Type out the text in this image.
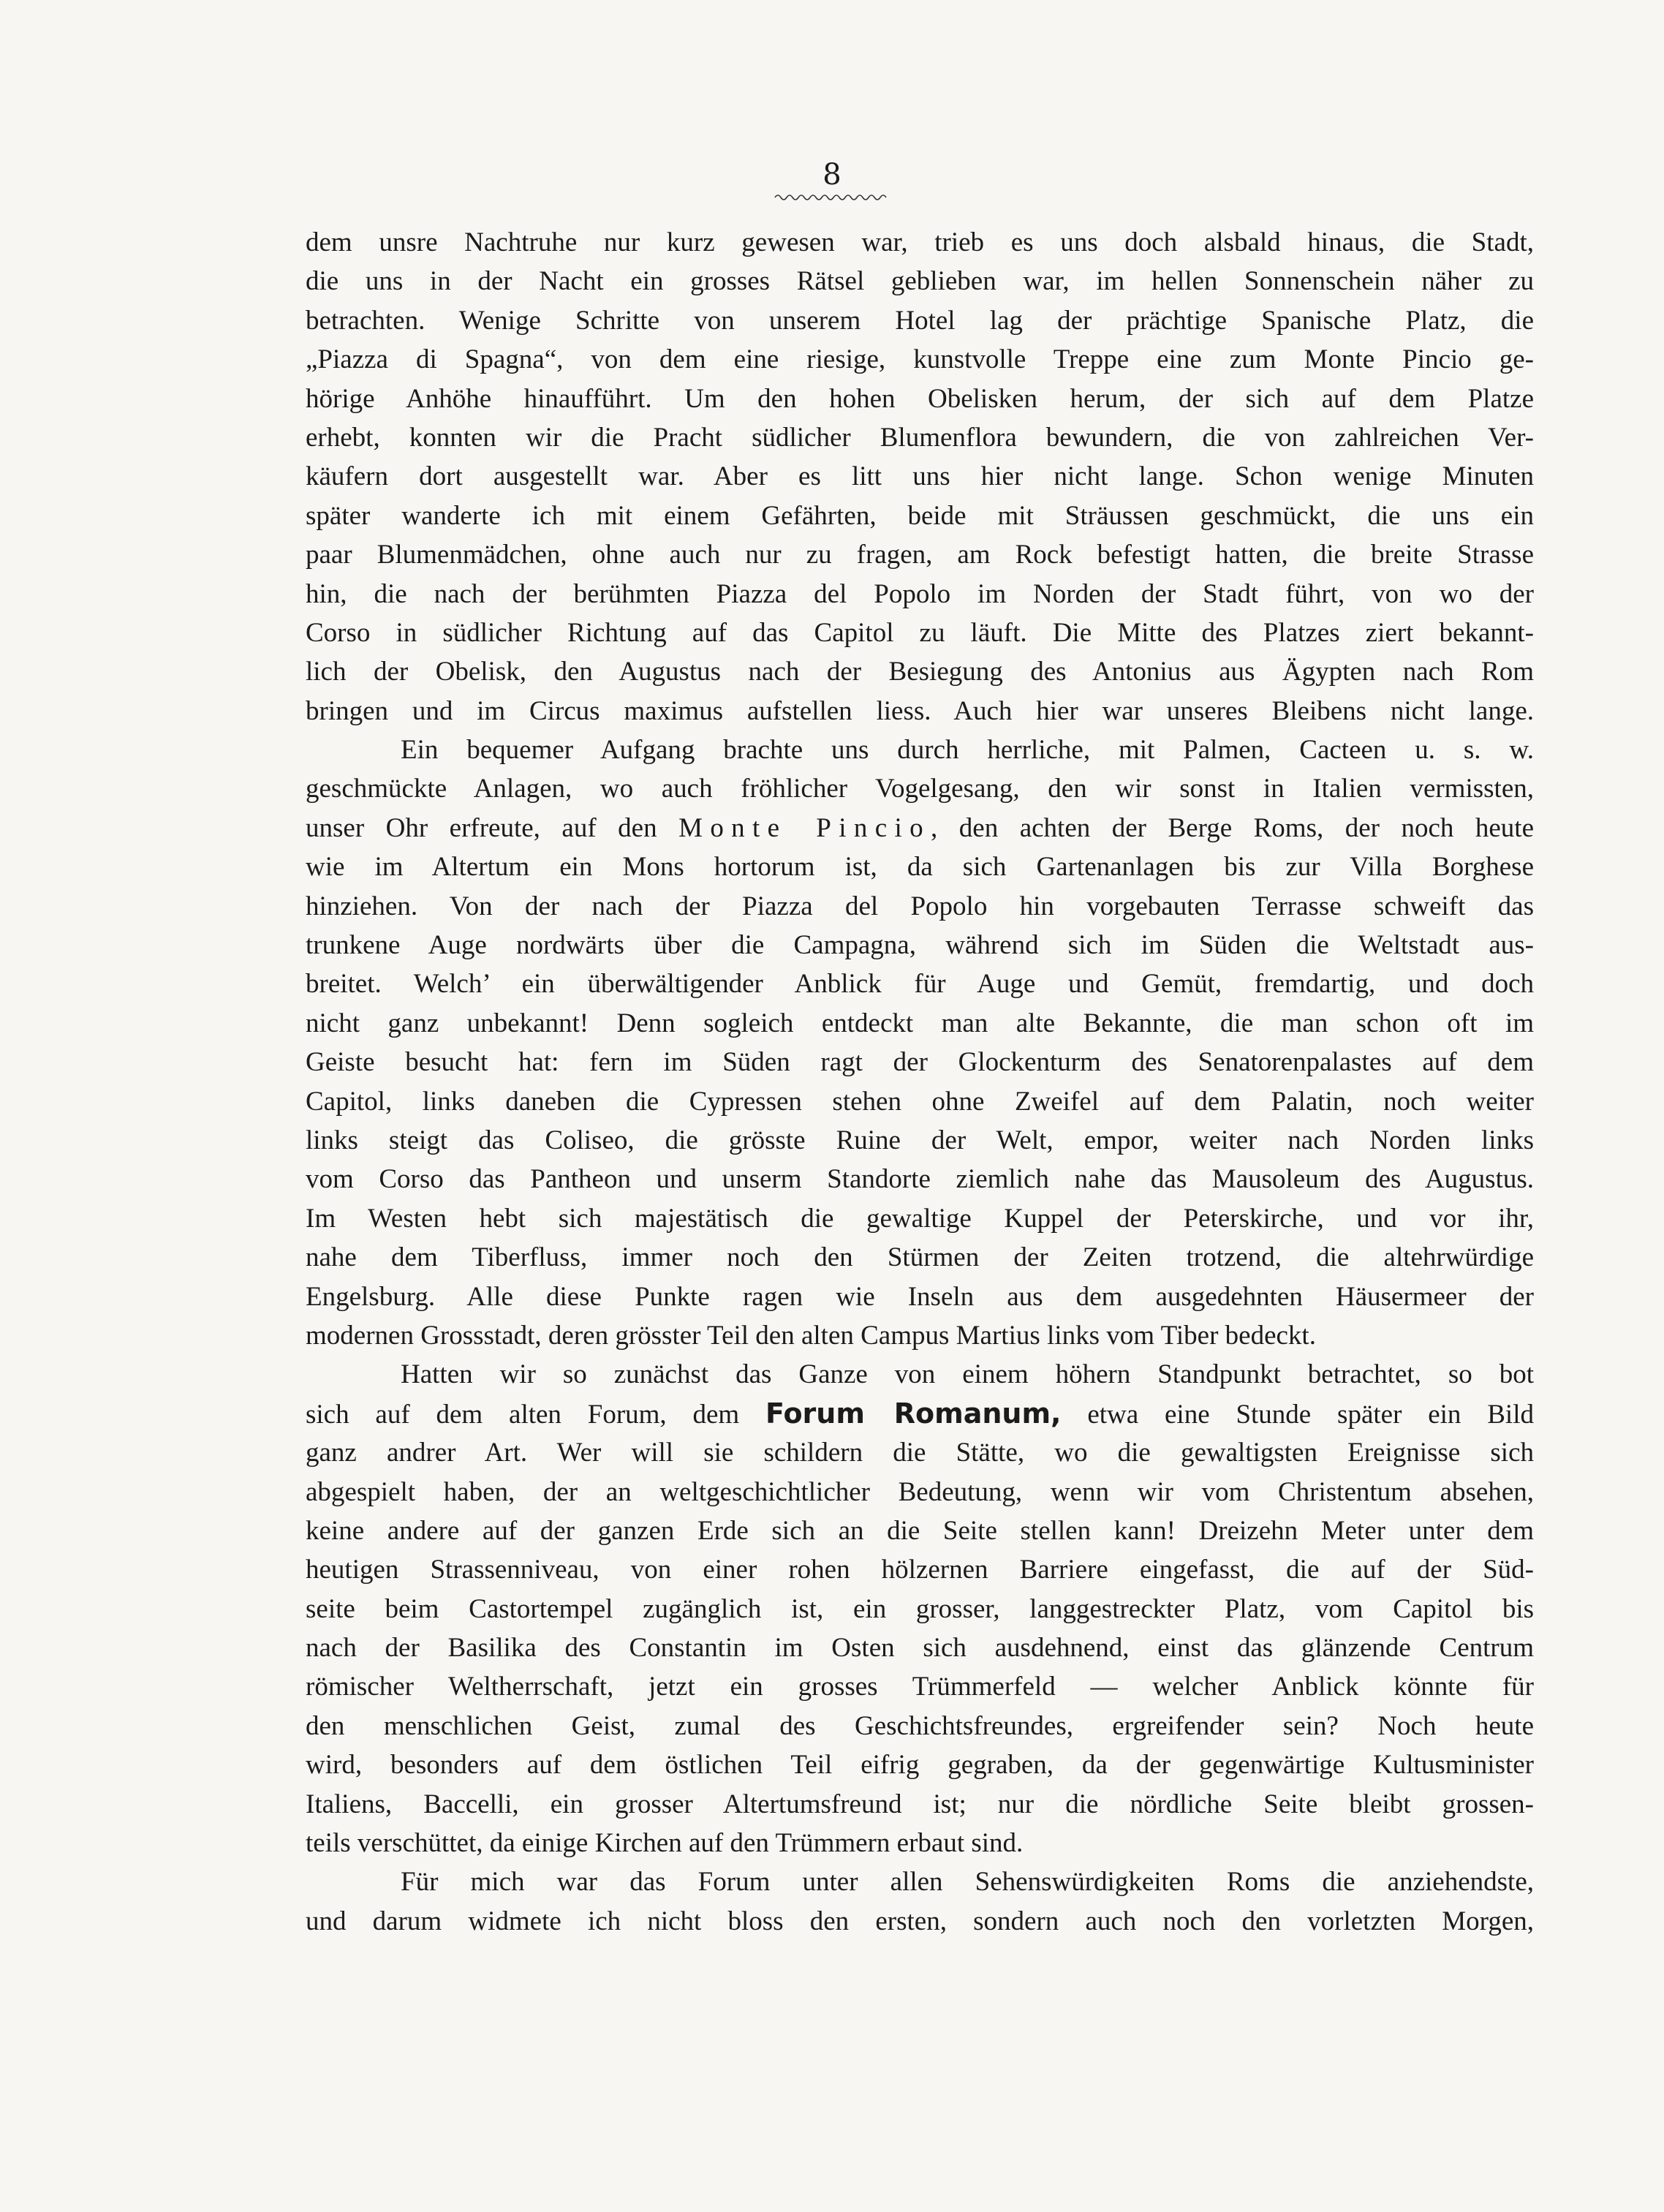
8
dem unsre Nachtruhe nur kurz gewesen war, trieb es uns doch alsbald hinaus, die Stadt,
die uns in der Nacht ein grosses Rätsel geblieben war, im hellen Sonnenschein näher zu
betrachten. Wenige Schritte von unserem Hotel lag der prächtige Spanische Platz, die
„Piazza di Spagna“, von dem eine riesige, kunstvolle Treppe eine zum Monte Pincio ge-
hörige Anhöhe hinaufführt. Um den hohen Obelisken herum, der sich auf dem Platze
erhebt, konnten wir die Pracht südlicher Blumenflora bewundern, die von zahlreichen Ver-
käufern dort ausgestellt war. Aber es litt uns hier nicht lange. Schon wenige Minuten
später wanderte ich mit einem Gefährten, beide mit Sträussen geschmückt, die uns ein
paar Blumenmädchen, ohne auch nur zu fragen, am Rock befestigt hatten, die breite Strasse
hin, die nach der berühmten Piazza del Popolo im Norden der Stadt führt, von wo der
Corso in südlicher Richtung auf das Capitol zu läuft. Die Mitte des Platzes ziert bekannt-
lich der Obelisk, den Augustus nach der Besiegung des Antonius aus Ägypten nach Rom
bringen und im Circus maximus aufstellen liess. Auch hier war unseres Bleibens nicht lange.
Ein bequemer Aufgang brachte uns durch herrliche, mit Palmen, Cacteen u. s. w.
geschmückte Anlagen, wo auch fröhlicher Vogelgesang, den wir sonst in Italien vermissten,
unser Ohr erfreute, auf den Monte Pincio, den achten der Berge Roms, der noch heute
wie im Altertum ein Mons hortorum ist, da sich Gartenanlagen bis zur Villa Borghese
hinziehen. Von der nach der Piazza del Popolo hin vorgebauten Terrasse schweift das
trunkene Auge nordwärts über die Campagna, während sich im Süden die Weltstadt aus-
breitet. Welch’ ein überwältigender Anblick für Auge und Gemüt, fremdartig, und doch
nicht ganz unbekannt! Denn sogleich entdeckt man alte Bekannte, die man schon oft im
Geiste besucht hat: fern im Süden ragt der Glockenturm des Senatorenpalastes auf dem
Capitol, links daneben die Cypressen stehen ohne Zweifel auf dem Palatin, noch weiter
links steigt das Coliseo, die grösste Ruine der Welt, empor, weiter nach Norden links
vom Corso das Pantheon und unserm Standorte ziemlich nahe das Mausoleum des Augustus.
Im Westen hebt sich majestätisch die gewaltige Kuppel der Peterskirche, und vor ihr,
nahe dem Tiberfluss, immer noch den Stürmen der Zeiten trotzend, die altehrwürdige
Engelsburg. Alle diese Punkte ragen wie Inseln aus dem ausgedehnten Häusermeer der
modernen Grossstadt, deren grösster Teil den alten Campus Martius links vom Tiber bedeckt.
Hatten wir so zunächst das Ganze von einem höhern Standpunkt betrachtet, so bot
sich auf dem alten Forum, dem Forum Romanum, etwa eine Stunde später ein Bild
ganz andrer Art. Wer will sie schildern die Stätte, wo die gewaltigsten Ereignisse sich
abgespielt haben, der an weltgeschichtlicher Bedeutung, wenn wir vom Christentum absehen,
keine andere auf der ganzen Erde sich an die Seite stellen kann! Dreizehn Meter unter dem
heutigen Strassenniveau, von einer rohen hölzernen Barriere eingefasst, die auf der Süd-
seite beim Castortempel zugänglich ist, ein grosser, langgestreckter Platz, vom Capitol bis
nach der Basilika des Constantin im Osten sich ausdehnend, einst das glänzende Centrum
römischer Weltherrschaft, jetzt ein grosses Trümmerfeld — welcher Anblick könnte für
den menschlichen Geist, zumal des Geschichtsfreundes, ergreifender sein? Noch heute
wird, besonders auf dem östlichen Teil eifrig gegraben, da der gegenwärtige Kultusminister
Italiens, Baccelli, ein grosser Altertumsfreund ist; nur die nördliche Seite bleibt grossen-
teils verschüttet, da einige Kirchen auf den Trümmern erbaut sind.
Für mich war das Forum unter allen Sehenswürdigkeiten Roms die anziehendste,
und darum widmete ich nicht bloss den ersten, sondern auch noch den vorletzten Morgen,
